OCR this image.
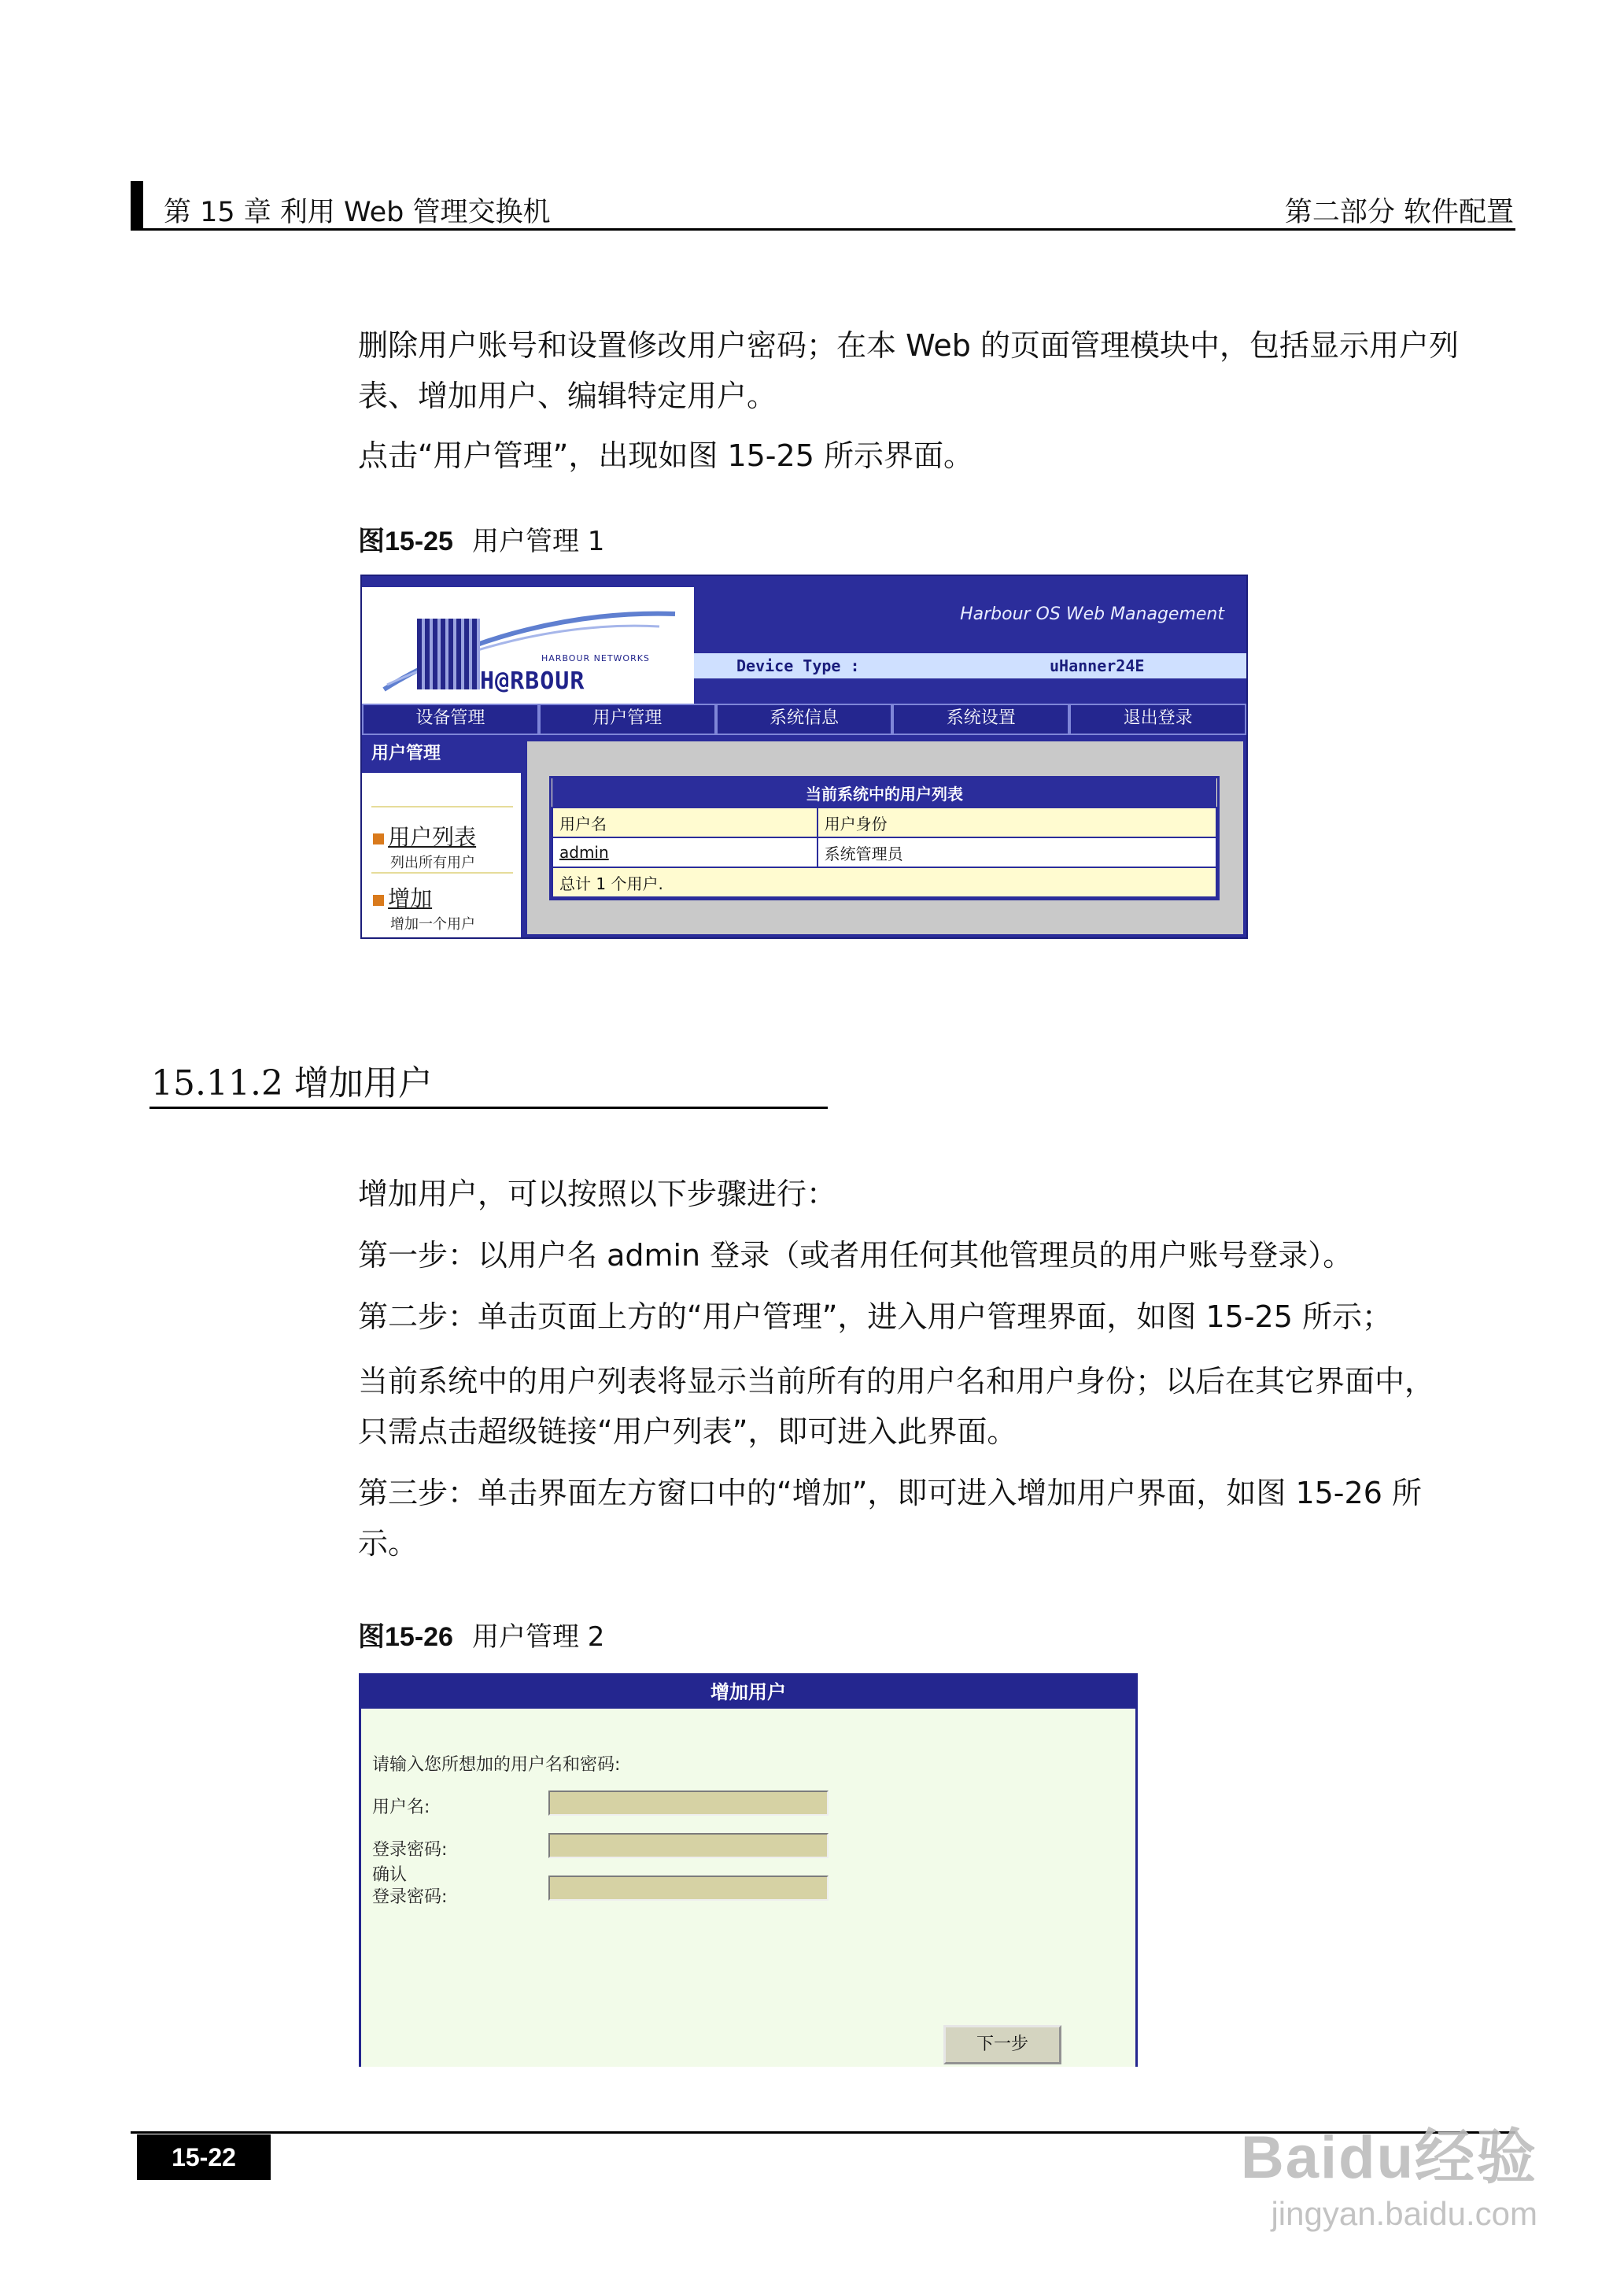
第 15 章 利用 Web 管理交换机	第二部分 软件配置
删除用户账号和设置修改用户密码；在本 Web 的页面管理模块中，包括显示用户列
表、增加用户、编辑特定用户。
点击“用户管理”，出现如图 15-25 所示界面。
图15-25 用户管理 1
HARBOUR NETWORKS
H@RBOUR
Harbour OS Web Management
Device Type :	uHanner24E
设备管理	用户管理	系统信息	系统设置	退出登录
用户管理
用户列表
列出所有用户
增加
增加一个用户
当前系统中的用户列表	
用户名	用户身份
admin	系统管理员
总计 1 个用户.	
15.11.2 增加用户
增加用户，可以按照以下步骤进行：
第一步：以用户名 admin 登录（或者用任何其他管理员的用户账号登录）。
第二步：单击页面上方的“用户管理”，进入用户管理界面，如图 15-25 所示；
当前系统中的用户列表将显示当前所有的用户名和用户身份；以后在其它界面中，
只需点击超级链接“用户列表”，即可进入此界面。
第三步：单击界面左方窗口中的“增加”，即可进入增加用户界面，如图 15-26 所
示。
图15-26 用户管理 2
增加用户
请输入您所想加的用户名和密码:
用户名:
登录密码:
确认
登录密码:
下一步
15-22	Baidu经验
jingyan.baidu.com
